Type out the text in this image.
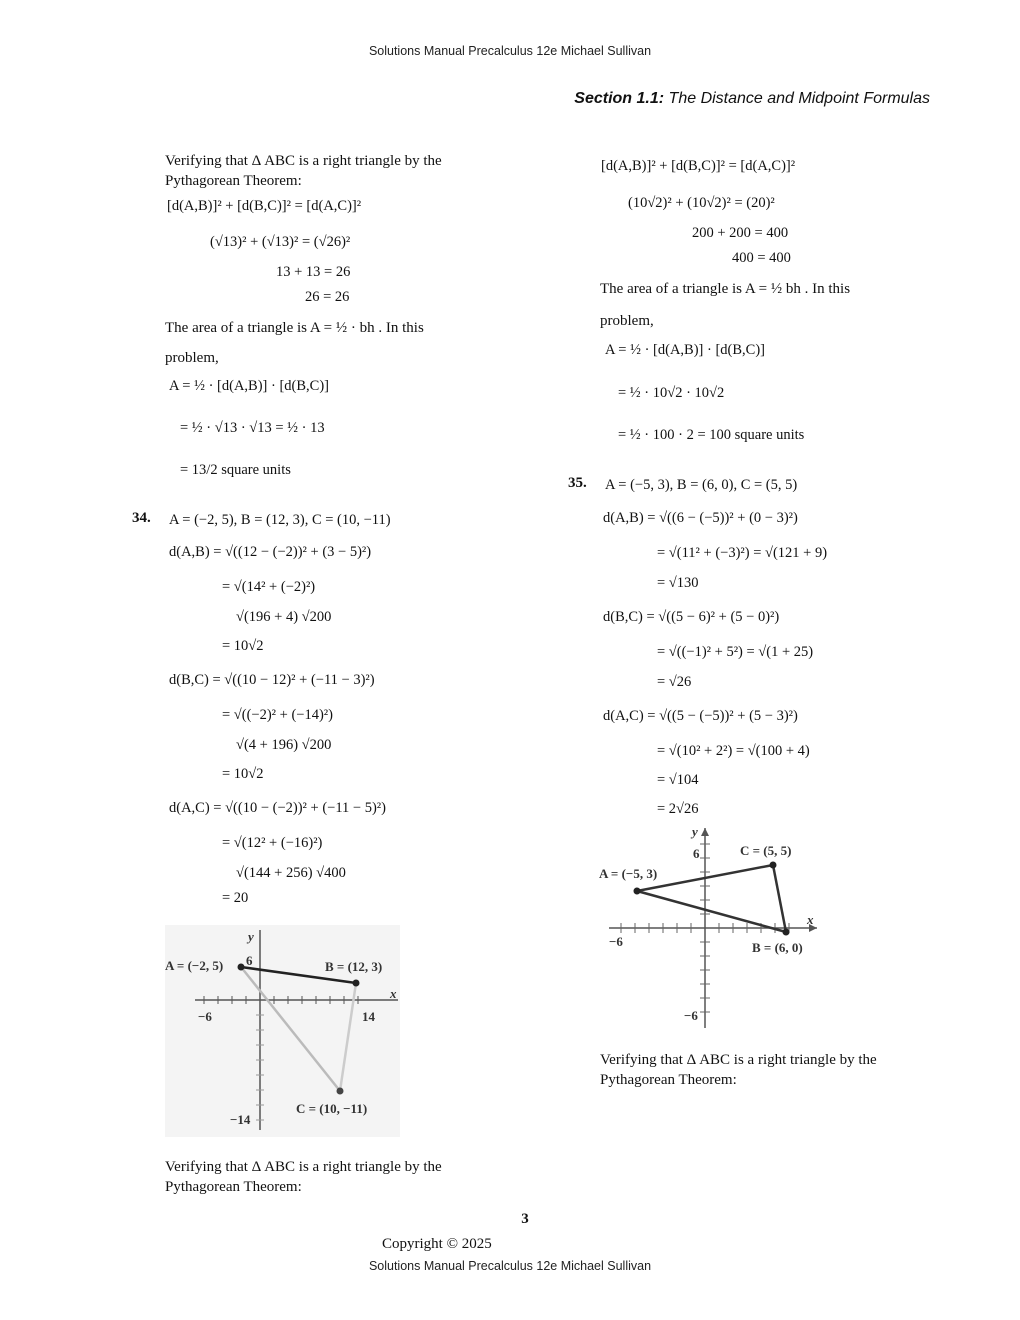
Solutions Manual Precalculus 12e Michael Sullivan
Section 1.1: The Distance and Midpoint Formulas
Verifying that Δ ABC is a right triangle by the
Pythagorean Theorem:
[d(A,B)]² + [d(B,C)]² = [d(A,C)]²
(√13)² + (√13)² = (√26)²
13 + 13 = 26
26 = 26
The area of a triangle is A = ½ · bh . In this
problem,
A = ½ · [d(A,B)] · [d(B,C)]
= ½ · √13 · √13 = ½ · 13
= 13/2 square units
34. A = (−2, 5), B = (12, 3), C = (10, −11)
d(A,B) = √((12 − (−2))² + (3 − 5)²)
= √(14² + (−2)²)
√(196 + 4) √200
= 10√2
d(B,C) = √((10 − 12)² + (−11 − 3)²)
= √((−2)² + (−14)²)
√(4 + 196) √200
= 10√2
d(A,C) = √((10 − (−2))² + (−11 − 5)²)
= √(12² + (−16)²)
√(144 + 256) √400
= 20
A = (−2, 5)	B = (12, 3)
C = (10, −11)
6
−6	14
−14
x
y
Verifying that Δ ABC is a right triangle by the
Pythagorean Theorem:
[d(A,B)]² + [d(B,C)]² = [d(A,C)]²
(10√2)² + (10√2)² = (20)²
200 + 200 = 400
400 = 400
The area of a triangle is A = ½ bh . In this
problem,
A = ½ · [d(A,B)] · [d(B,C)]
= ½ · 10√2 · 10√2
= ½ · 100 · 2 = 100 square units
35. A = (−5, 3), B = (6, 0), C = (5, 5)
d(A,B) = √((6 − (−5))² + (0 − 3)²)
= √(11² + (−3)²) = √(121 + 9)
= √130
d(B,C) = √((5 − 6)² + (5 − 0)²)
= √((−1)² + 5²) = √(1 + 25)
= √26
d(A,C) = √((5 − (−5))² + (5 − 3)²)
= √(10² + 2²) = √(100 + 4)
= √104
= 2√26
A = (−5, 3)
C = (5, 5)
B = (6, 0)
6
−6
−6
x
y
Verifying that Δ ABC is a right triangle by the
Pythagorean Theorem:
3
Copyright © 2025
Solutions Manual Precalculus 12e Michael Sullivan
